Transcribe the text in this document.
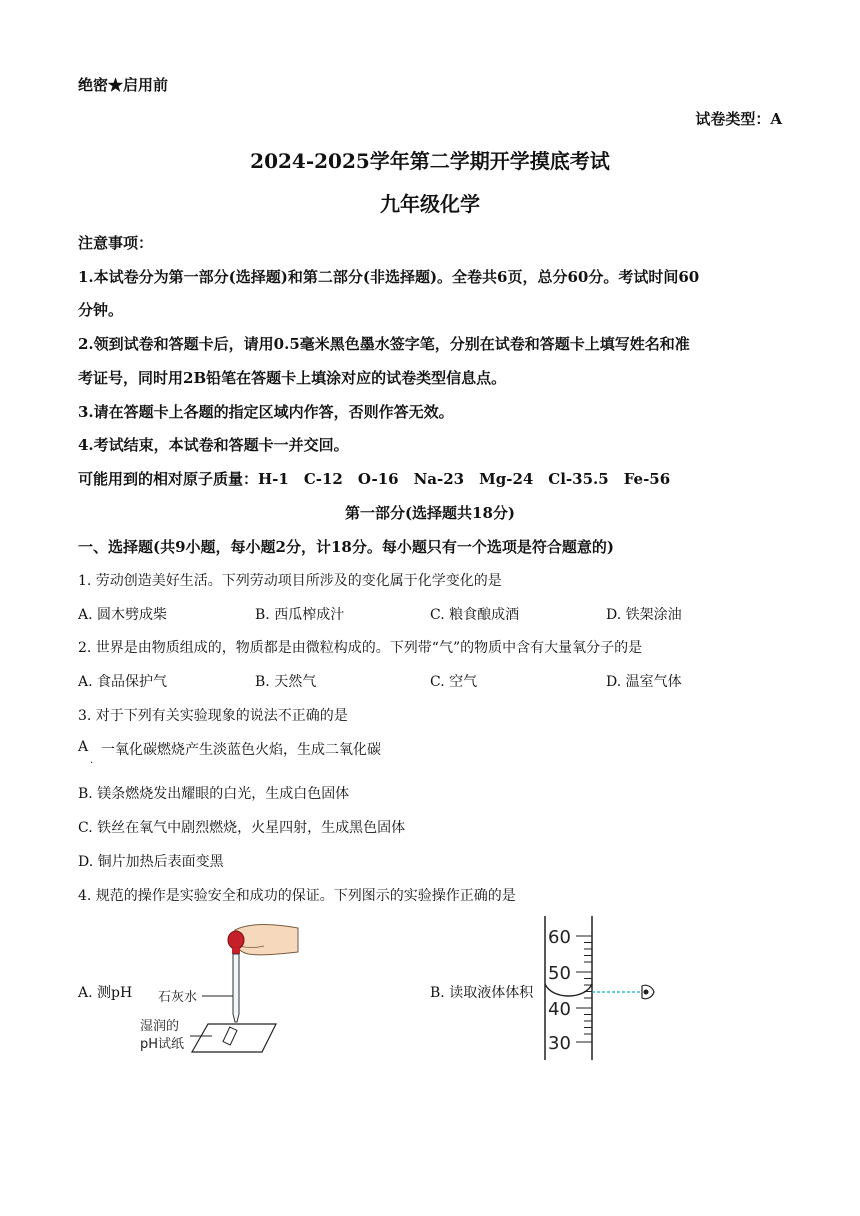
绝密★启用前
试卷类型：A
2024-2025学年第二学期开学摸底考试
九年级化学
注意事项：
1.本试卷分为第一部分(选择题)和第二部分(非选择题)。全卷共6页，总分60分。考试时间60
分钟。
2.领到试卷和答题卡后，请用0.5毫米黑色墨水签字笔，分别在试卷和答题卡上填写姓名和准
考证号，同时用2B铅笔在答题卡上填涂对应的试卷类型信息点。
3.请在答题卡上各题的指定区域内作答，否则作答无效。
4.考试结束，本试卷和答题卡一并交回。
可能用到的相对原子质量：H-1　C-12　O-16　Na-23　Mg-24　Cl-35.5　Fe-56
第一部分(选择题共18分)
一、选择题(共9小题，每小题2分，计18分。每小题只有一个选项是符合题意的)
1. 劳动创造美好生活。下列劳动项目所涉及的变化属于化学变化的是
A. 圆木劈成柴	B. 西瓜榨成汁	C. 粮食酿成酒	D. 铁架涂油
2. 世界是由物质组成的，物质都是由微粒构成的。下列带“气”的物质中含有大量氧分子的是
A. 食品保护气	B. 天然气	C. 空气	D. 温室气体
3. 对于下列有关实验现象的说法不正确的是
A
.
一氧化碳燃烧产生淡蓝色火焰，生成二氧化碳
B. 镁条燃烧发出耀眼的白光，生成白色固体
C. 铁丝在氧气中剧烈燃烧，火星四射，生成黑色固体
D. 铜片加热后表面变黑
4. 规范的操作是实验安全和成功的保证。下列图示的实验操作正确的是
A. 测pH	B. 读取液体体积
石灰水
湿润的
pH试纸
60
50
40
30
